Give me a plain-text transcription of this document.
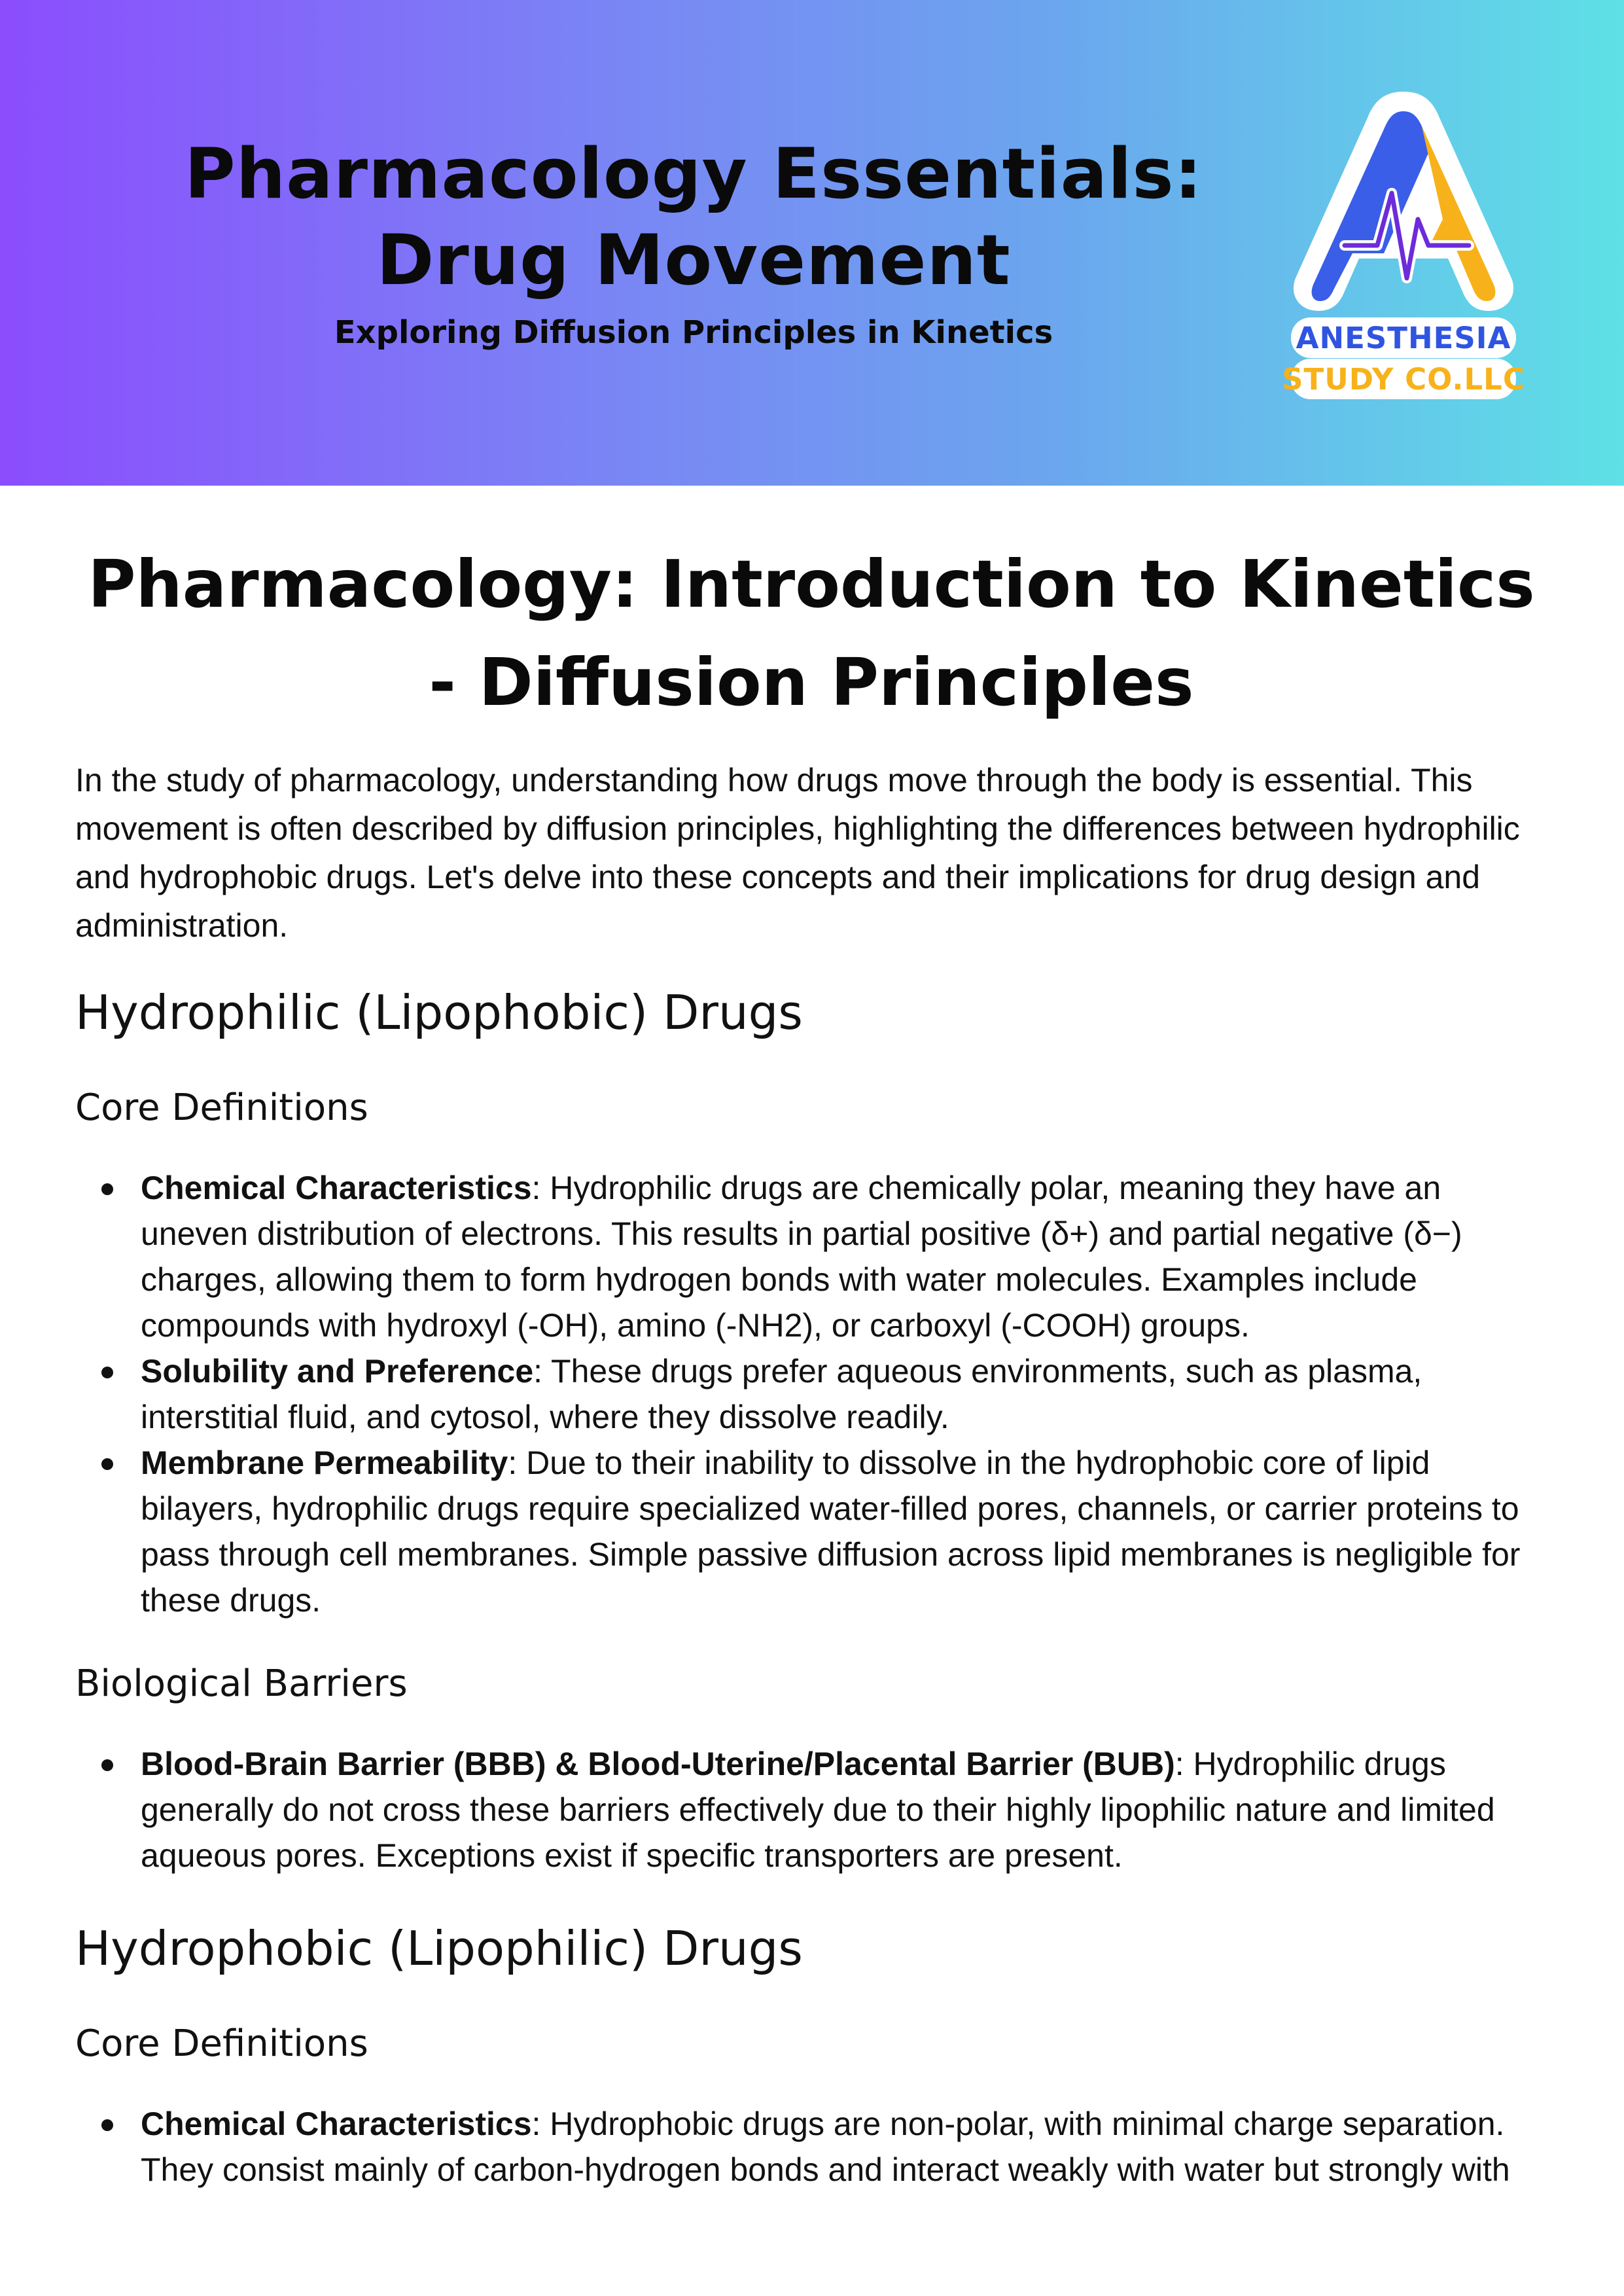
Pharmacology Essentials:
Drug Movement
Exploring Diffusion Principles in Kinetics	ANESTHESIA
STUDY CO.LLC
Pharmacology: Introduction to Kinetics - Diffusion Principles

In the study of pharmacology, understanding how drugs move through the body is essential. This movement is often described by diffusion principles, highlighting the differences between hydrophilic and hydrophobic drugs. Let's delve into these concepts and their implications for drug design and administration.

Hydrophilic (Lipophobic) Drugs
Core Definitions
Chemical Characteristics: Hydrophilic drugs are chemically polar, meaning they have an uneven distribution of electrons. This results in partial positive (δ+) and partial negative (δ−) charges, allowing them to form hydrogen bonds with water molecules. Examples include compounds with hydroxyl (-OH), amino (-NH2), or carboxyl (-COOH) groups.
Solubility and Preference: These drugs prefer aqueous environments, such as plasma, interstitial fluid, and cytosol, where they dissolve readily.
Membrane Permeability: Due to their inability to dissolve in the hydrophobic core of lipid bilayers, hydrophilic drugs require specialized water-filled pores, channels, or carrier proteins to pass through cell membranes. Simple passive diffusion across lipid membranes is negligible for these drugs.
Biological Barriers
Blood-Brain Barrier (BBB) & Blood-Uterine/Placental Barrier (BUB): Hydrophilic drugs generally do not cross these barriers effectively due to their highly lipophilic nature and limited aqueous pores. Exceptions exist if specific transporters are present.
Hydrophobic (Lipophilic) Drugs
Core Definitions
Chemical Characteristics: Hydrophobic drugs are non-polar, with minimal charge separation. They consist mainly of carbon-hydrogen bonds and interact weakly with water but strongly with
